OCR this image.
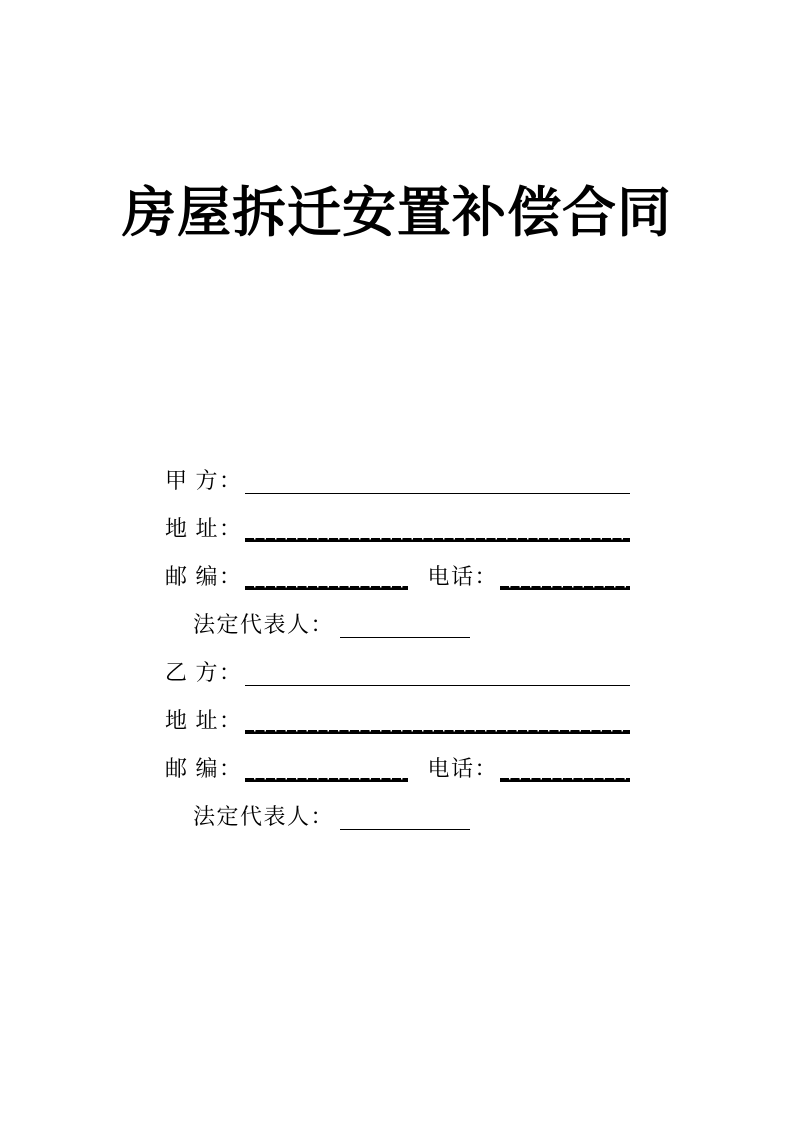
房屋拆迁安置补偿合同
甲 方：
地 址：
邮 编：	电话：
法定代表人：
乙 方：
地 址：
邮 编：	电话：
法定代表人：
